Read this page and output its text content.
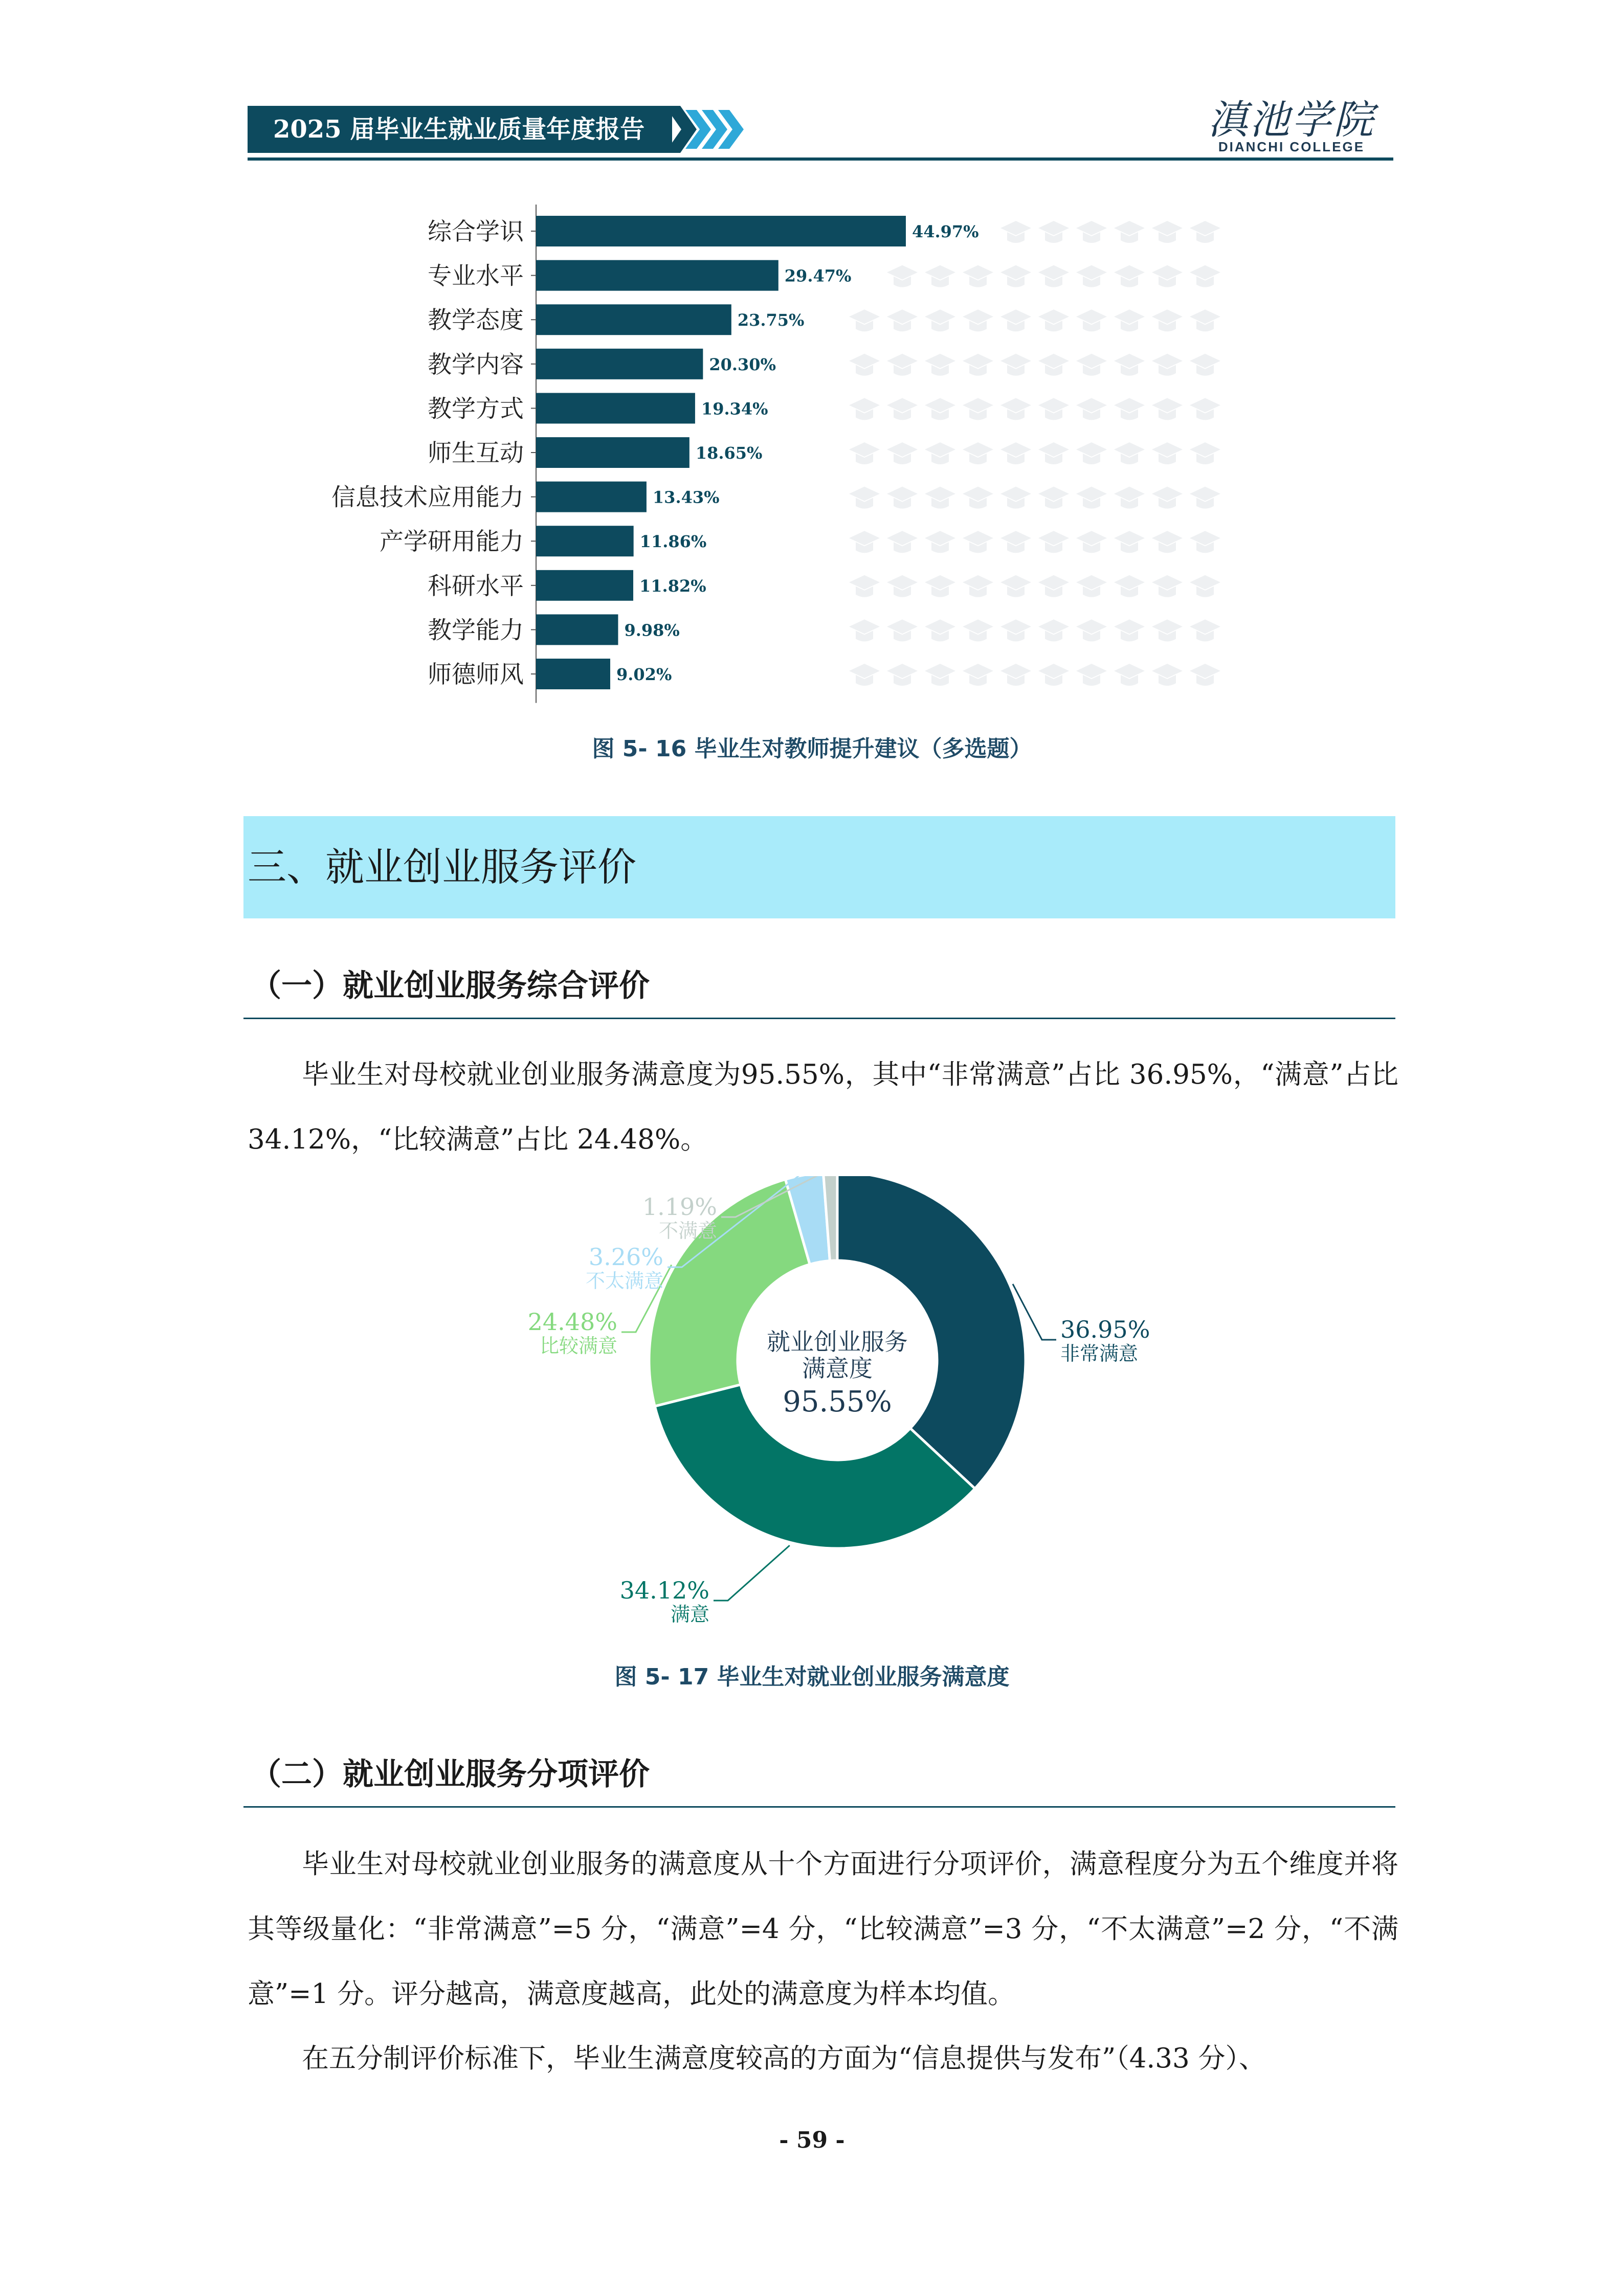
2025 届毕业生就业质量年度报告	滇池学院
DIANCHI COLLEGE
综合学识	44.97%
专业水平	29.47%
教学态度	23.75%
教学内容	20.30%
教学方式	19.34%
师生互动	18.65%
信息技术应用能力	13.43%
产学研用能力	11.86%
科研水平	11.82%
教学能力	9.98%
师德师风	9.02%
图 5- 16 毕业生对教师提升建议（多选题）
三、就业创业服务评价
（一）就业创业服务综合评价
毕业生对母校就业创业服务满意度为95.55%，其中“非常满意”占比 36.95%，“满意”占比 34.12%，“比较满意”占比 24.48%。
36.95%
非常满意
34.12%
满意
24.48%
比较满意
3.26%
不太满意
1.19%
不满意
就业创业服务
满意度
95.55%
图 5- 17 毕业生对就业创业服务满意度
（二）就业创业服务分项评价
毕业生对母校就业创业服务的满意度从十个方面进行分项评价，满意程度分为五个维度并将其等级量化：“非常满意”=5 分，“满意”=4 分，“比较满意”=3 分，“不太满意”=2 分，“不满意”=1 分。评分越高，满意度越高，此处的满意度为样本均值。
在五分制评价标准下，毕业生满意度较高的方面为“信息提供与发布”（4.33 分）、
- 59 -
